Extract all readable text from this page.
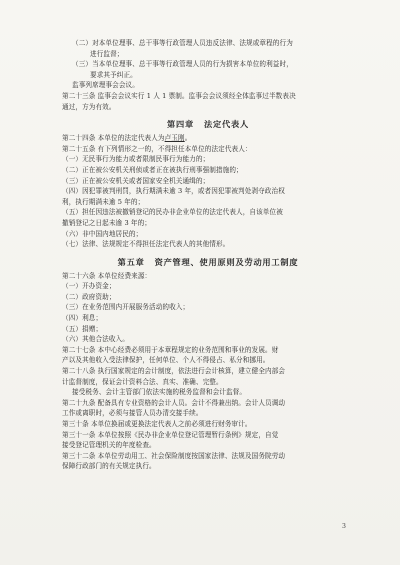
（二）对本单位理事、总干事等行政管理人员违反法律、法规或章程的行为

进行监督；

（三）当本单位理事、总干事等行政管理人员的行为损害本单位的利益时，

要求其予纠正。

监事列席理事会会议。

第二十三条 监事会会议实行 1 人 1 票制。监事会会议须经全体监事过半数表决

通过，方为有效。

第四章 法定代表人

第二十四条 本单位的法定代表人为卢玉刚。

第二十五条 有下列情形之一的，不得担任本单位的法定代表人：

（一）无民事行为能力或者限制民事行为能力的；

（二）正在被公安机关刑侦或者正在被执行刑事强制措施的；

（三）正在被公安机关或者国家安全机关通缉的；

（四）因犯罪被判刑罚，执行期满未逾 3 年，或者因犯罪被判处剥夺政治权

利，执行期满未逾 5 年的；

（五）担任因违法被撤销登记的民办非企业单位的法定代表人，自该单位被

撤销登记之日起未逾 3 年的；

（六）非中国内地居民的；

（七）法律、法规规定不得担任法定代表人的其他情形。

第五章 资产管理、使用原则及劳动用工制度

第二十六条 本单位经费来源：

（一）开办资金；

（二）政府资助；

（三）在业务范围内开展服务活动的收入；

（四）利息；

（五）捐赠；

（六）其他合法收入。

第二十七条 本中心经费必须用于本章程规定的业务范围和事业的发展。财

产以及其他收入受法律保护，任何单位、个人不得侵占、私分和挪用。

第二十八条 执行国家规定的会计制度，依法进行会计核算，建立健全内部会

计监督制度，保证会计资料合法、真实、准确、完整。

接受税务、会计主管部门依法实施的税务监督和会计监督。

第二十九条 配备具有专业资格的会计人员。会计不得兼出纳。会计人员调动

工作或离职时，必须与接管人员办清交接手续。

第三十条 本单位换届或更换法定代表人之前必须进行财务审计。

第三十一条 本单位按照《民办非企业单位登记管理暂行条例》规定，自觉

接受登记管理机关的年度检查。

第三十二条 本单位劳动用工、社会保险制度按国家法律、法规及国务院劳动

保障行政部门的有关规定执行。

3
